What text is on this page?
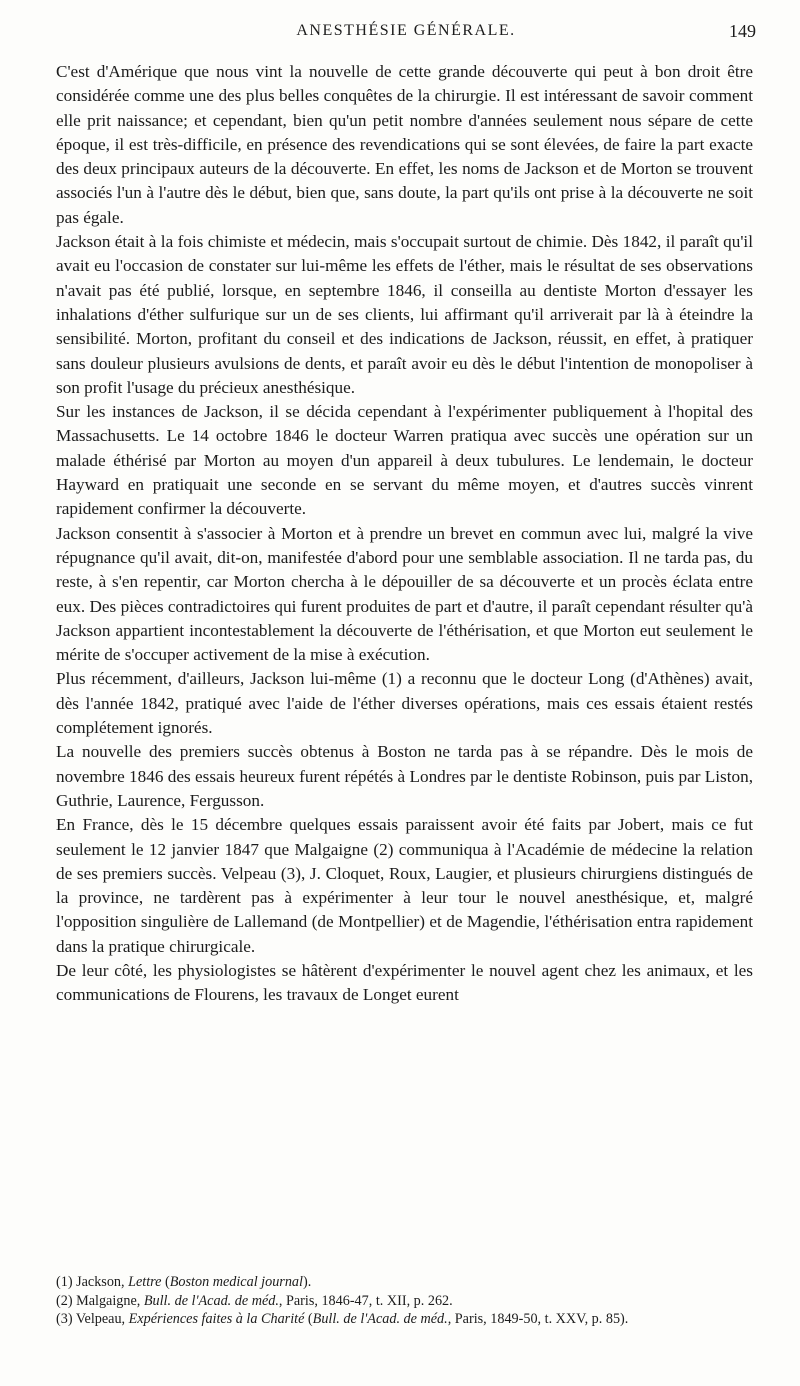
ANESTHÉSIE GÉNÉRALE.	149

C'est d'Amérique que nous vint la nouvelle de cette grande découverte qui peut à bon droit être considérée comme une des plus belles conquêtes de la chirurgie. Il est intéressant de savoir comment elle prit naissance; et cependant, bien qu'un petit nombre d'années seulement nous sépare de cette époque, il est très-difficile, en présence des revendications qui se sont élevées, de faire la part exacte des deux principaux auteurs de la découverte. En effet, les noms de Jackson et de Morton se trouvent associés l'un à l'autre dès le début, bien que, sans doute, la part qu'ils ont prise à la découverte ne soit pas égale.

Jackson était à la fois chimiste et médecin, mais s'occupait surtout de chimie. Dès 1842, il paraît qu'il avait eu l'occasion de constater sur lui-même les effets de l'éther, mais le résultat de ses observations n'avait pas été publié, lorsque, en septembre 1846, il conseilla au dentiste Morton d'essayer les inhalations d'éther sulfurique sur un de ses clients, lui affirmant qu'il arriverait par là à éteindre la sensibilité. Morton, profitant du conseil et des indications de Jackson, réussit, en effet, à pratiquer sans douleur plusieurs avulsions de dents, et paraît avoir eu dès le début l'intention de monopoliser à son profit l'usage du précieux anesthésique.

Sur les instances de Jackson, il se décida cependant à l'expérimenter publiquement à l'hopital des Massachusetts. Le 14 octobre 1846 le docteur Warren pratiqua avec succès une opération sur un malade éthérisé par Morton au moyen d'un appareil à deux tubulures. Le lendemain, le docteur Hayward en pratiquait une seconde en se servant du même moyen, et d'autres succès vinrent rapidement confirmer la découverte.

Jackson consentit à s'associer à Morton et à prendre un brevet en commun avec lui, malgré la vive répugnance qu'il avait, dit-on, manifestée d'abord pour une semblable association. Il ne tarda pas, du reste, à s'en repentir, car Morton chercha à le dépouiller de sa découverte et un procès éclata entre eux. Des pièces contradictoires qui furent produites de part et d'autre, il paraît cependant résulter qu'à Jackson appartient incontestablement la découverte de l'éthérisation, et que Morton eut seulement le mérite de s'occuper activement de la mise à exécution.

Plus récemment, d'ailleurs, Jackson lui-même (1) a reconnu que le docteur Long (d'Athènes) avait, dès l'année 1842, pratiqué avec l'aide de l'éther diverses opérations, mais ces essais étaient restés complétement ignorés.

La nouvelle des premiers succès obtenus à Boston ne tarda pas à se répandre. Dès le mois de novembre 1846 des essais heureux furent répétés à Londres par le dentiste Robinson, puis par Liston, Guthrie, Laurence, Fergusson.

En France, dès le 15 décembre quelques essais paraissent avoir été faits par Jobert, mais ce fut seulement le 12 janvier 1847 que Malgaigne (2) communiqua à l'Académie de médecine la relation de ses premiers succès. Velpeau (3), J. Cloquet, Roux, Laugier, et plusieurs chirurgiens distingués de la province, ne tardèrent pas à expérimenter à leur tour le nouvel anesthésique, et, malgré l'opposition singulière de Lallemand (de Montpellier) et de Magendie, l'éthérisation entra rapidement dans la pratique chirurgicale.

De leur côté, les physiologistes se hâtèrent d'expérimenter le nouvel agent chez les animaux, et les communications de Flourens, les travaux de Longet eurent

(1) Jackson, Lettre (Boston medical journal).

(2) Malgaigne, Bull. de l'Acad. de méd., Paris, 1846-47, t. XII, p. 262.

(3) Velpeau, Expériences faites à la Charité (Bull. de l'Acad. de méd., Paris, 1849-50, t. XXV, p. 85).
